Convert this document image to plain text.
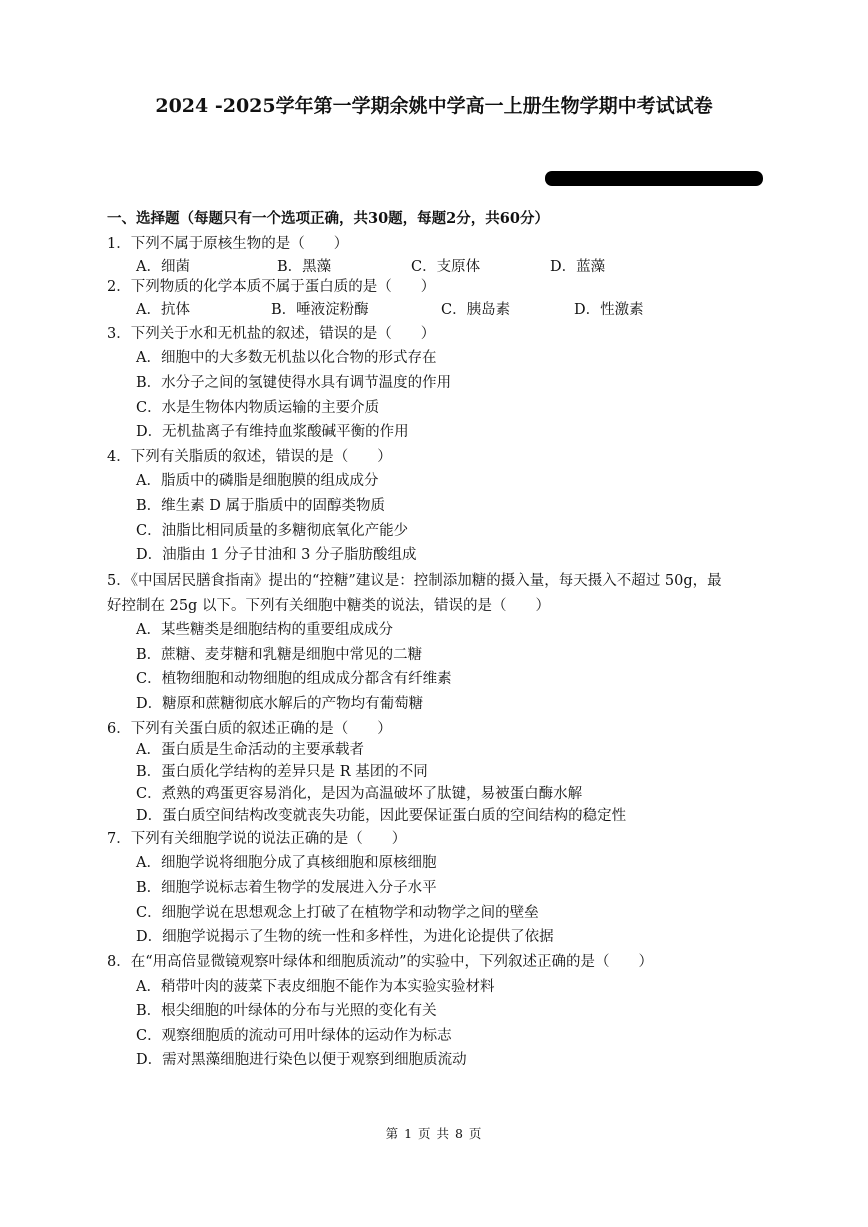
2024 -2025学年第一学期余姚中学高一上册生物学期中考试试卷
一、选择题（每题只有一个选项正确，共30题，每题2分，共60分）
1．下列不属于原核生物的是（　　）
A．细菌	B．黑藻	C．支原体	D．蓝藻
2．下列物质的化学本质不属于蛋白质的是（　　）
A．抗体	B．唾液淀粉酶	C．胰岛素	D．性激素
3．下列关于水和无机盐的叙述，错误的是（　　）
A．细胞中的大多数无机盐以化合物的形式存在
B．水分子之间的氢键使得水具有调节温度的作用
C．水是生物体内物质运输的主要介质
D．无机盐离子有维持血浆酸碱平衡的作用
4．下列有关脂质的叙述，错误的是（　　）
A．脂质中的磷脂是细胞膜的组成成分
B．维生素 D 属于脂质中的固醇类物质
C．油脂比相同质量的多糖彻底氧化产能少
D．油脂由 1 分子甘油和 3 分子脂肪酸组成
5．《中国居民膳食指南》提出的“控糖”建议是：控制添加糖的摄入量，每天摄入不超过 50g，最
好控制在 25g 以下。下列有关细胞中糖类的说法，错误的是（　　）
A．某些糖类是细胞结构的重要组成成分
B．蔗糖、麦芽糖和乳糖是细胞中常见的二糖
C．植物细胞和动物细胞的组成成分都含有纤维素
D．糖原和蔗糖彻底水解后的产物均有葡萄糖
6．下列有关蛋白质的叙述正确的是（　　）
A．蛋白质是生命活动的主要承载者
B．蛋白质化学结构的差异只是 R 基团的不同
C．煮熟的鸡蛋更容易消化，是因为高温破坏了肽键，易被蛋白酶水解
D．蛋白质空间结构改变就丧失功能，因此要保证蛋白质的空间结构的稳定性
7．下列有关细胞学说的说法正确的是（　　）
A．细胞学说将细胞分成了真核细胞和原核细胞
B．细胞学说标志着生物学的发展进入分子水平
C．细胞学说在思想观念上打破了在植物学和动物学之间的壁垒
D．细胞学说揭示了生物的统一性和多样性，为进化论提供了依据
8．在“用高倍显微镜观察叶绿体和细胞质流动”的实验中，下列叙述正确的是（　　）
A．稍带叶肉的菠菜下表皮细胞不能作为本实验实验材料
B．根尖细胞的叶绿体的分布与光照的变化有关
C．观察细胞质的流动可用叶绿体的运动作为标志
D．需对黑藻细胞进行染色以便于观察到细胞质流动
第 1 页 共 8 页
